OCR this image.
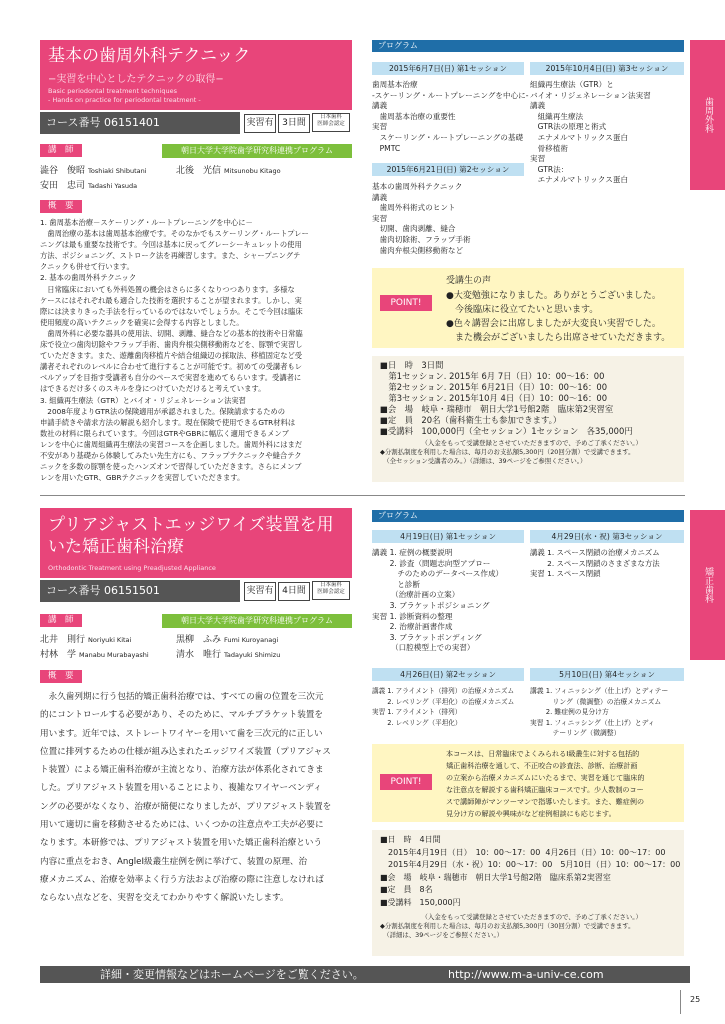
基本の歯周外科テクニック
−実習を中心としたテクニックの取得−
Basic periodontal treatment techniques
- Hands on practice for periodontal treatment -
コース番号 06151401	実習有 3日間
日本歯科
医師会認定
講　師	朝日大学大学院歯学研究科連携プログラム
澁谷　俊昭 Toshiaki Shibutani	北後　光信 Mitsunobu Kitago
安田　忠司 Tadashi Yasuda
概　要
1. 歯周基本治療－スケーリング・ルートプレーニングを中心に－
　歯周治療の基本は歯周基本治療です。そのなかでもスケーリング・ルートプレー
ニングは最も重要な技術です。今回は基本に戻ってグレーシーキュレットの使用
方法、ポジショニング、ストローク法を再練習します。また、シャープニングテ
クニックも併せて行います。
2. 基本の歯周外科テクニック
　日常臨床においても外科処置の機会はさらに多くなりつつあります。多様な
ケースにはそれぞれ最も適合した技術を選択することが望まれます。しかし、実
際には決まりきった手法を行っているのではないでしょうか。そこで今回は臨床
使用頻度の高いテクニックを確実に会得する内容としました。
　歯周外科に必要な器具の使用法、切開、剥離、縫合などの基本的技術や日常臨
床で役立つ歯肉切除やフラップ手術、歯肉弁根尖側移動術などを、豚顎で実習し
ていただきます。また、遊離歯肉移植片や結合組織辺の採取法、移植固定など受
講者それぞれのレベルに合わせて進行することが可能です。初めての受講者もレ
ベルアップを目指す受講者も自分のペースで実習を進めてもらいます。受講者に
はできるだけ多くのスキルを身につけていただけると考えています。
3. 組織再生療法（GTR）とバイオ・リジェネレーション法実習
　2008年度よりGTR法の保険適用が承認されました。保険請求するための
申請手続きや請求方法の解説も紹介します。現在保険で使用できるGTR材料は
数社の材料に限られています。今回はGTRやGBRに幅広く適用できるメンブ
レンを中心に歯周組織再生療法の実習コースを企画しました。歯周外科にはまだ
不安があり基礎から体験してみたい先生方にも、フラップテクニックや縫合テク
ニックを多数の豚顎を使ったハンズオンで習得していただきます。さらにメンブ
レンを用いたGTR、GBRテクニックを実習していただきます。
プログラム
歯周外科
2015年6月7日(日) 第1セッション
歯周基本治療
-スケーリング・ルートプレーニングを中心に-
講義
　歯周基本治療の重要性
実習
　スケーリング・ルートプレーニングの基礎
　PMTC
2015年10月4日(日) 第3セッション
組織再生療法（GTR）と
バイオ・リジェネレーション法実習
講義
　組織再生療法
　GTR法の原理と術式
　エナメルマトリックス蛋白
　骨移植術
実習
　GTR法：
　エナメルマトリックス蛋白
2015年6月21日(日) 第2セッション
基本の歯周外科テクニック
講義
　歯周外科術式のヒント
実習
　切開、歯肉剥離、縫合
　歯肉切除術、フラップ手術
　歯肉弁根尖側移動術など
POINT!
受講生の声
●大変勉強になりました。ありがとうございました。
　今後臨床に役立てたいと思います。
●色々講習会に出席しましたが大変良い実習でした。
　また機会がございましたら出席させていただきます。
■日　時　3日間
　第1セッション. 2015年 6月 7日（日）10：00〜16：00
　第2セッション. 2015年 6月21日（日）10：00〜16：00
　第3セッション. 2015年10月 4日（日）10：00〜16：00
■会　場　岐阜・瑞穂市　朝日大学1号館2階　臨床第2実習室
■定　員　20名（歯科衛生士も参加できます。）
■受講料　100,000円（全セッション）1セッション　各35,000円
　　　　　　　（入金をもって受講登録とさせていただきますので、予めご了承ください。）
◆分割払制度を利用した場合は、毎月のお支払額5,300円（20回分割）で受講できます。
　（全セッション受講者のみ。）（詳細は、39ページをご参照ください。）
プリアジャストエッジワイズ装置を用
いた矯正歯科治療
Orthodontic Treatment using Preadjusted Appliance
コース番号 06151501	実習有 4日間
日本歯科
医師会認定
講　師	朝日大学大学院歯学研究科連携プログラム
北井　則行 Noriyuki Kitai	黒柳　ふみ Fumi Kuroyanagi
村林　学 Manabu Murabayashi	清水　唯行 Tadayuki Shimizu
概　要
　永久歯列期に行う包括的矯正歯科治療では、すべての歯の位置を三次元
的にコントロールする必要があり、そのために、マルチブラケット装置を
用います。近年では、ストレートワイヤーを用いて歯を三次元的に正しい
位置に排列するための仕様が組み込まれたエッジワイズ装置（プリアジャス
ト装置）による矯正歯科治療が主流となり、治療方法が体系化されてきま
した。プリアジャスト装置を用いることにより、複雑なワイヤーベンディ
ングの必要がなくなり、治療が簡便になりましたが、プリアジャスト装置を
用いて適切に歯を移動させるためには、いくつかの注意点や工夫が必要に
なります。本研修では、プリアジャスト装置を用いた矯正歯科治療という
内容に重点をおき、AngleⅠ級叢生症例を例に挙げて、装置の原理、治
療メカニズム、治療を効率よく行う方法および治療の際に注意しなければ
ならない点などを、実習を交えてわかりやすく解説いたします。
プログラム
矯正歯科
4月19日(日) 第1セッション
講義 1. 症例の概要説明
　　 2. 診査（問題志向型アプロー
　　　 チのためのデータベース作成）
　　　 と診断
　　　（治療計画の立案）
　　 3. ブラケットポジショニング
実習 1. 診断資料の整理
　　 2. 治療計画書作成
　　 3. ブラケットボンディング
　　　（口腔模型上での実習）
4月29日(水・祝) 第3セッション
講義 1. スペース閉鎖の治療メカニズム
　　 2. スペース閉鎖のさまざまな方法
実習 1. スペース閉鎖
4月26日(日) 第2セッション
講義 1. アライメント（排列）の治療メカニズム
　　 2. レベリング（平坦化）の治療メカニズム
実習 1. アライメント（排列）
　　 2. レベリング（平坦化）
5月10日(日) 第4セッション
講義 1. フィニッシング（仕上げ）とディテー
　　　 リング（微調整）の治療メカニズム
　　 2. 難症例の見分け方
実習 1. フィニッシング（仕上げ）とディ
　　　 テーリング（微調整）
POINT!
本コースは、日常臨床でよくみられるⅠ級叢生に対する包括的
矯正歯科治療を通して、不正咬合の診査法、診断、治療計画
の立案から治療メカニズムにいたるまで、実習を通じて臨床的
な注意点を解説する歯科矯正臨床コースです。少人数制のコー
スで講師陣がマンツーマンで指導いたします。また、難症例の
見分け方の解説や興味がなど症例相談にも応じます。
■日　時　4日間
　2015年4月19日（日）　10：00〜17：00  4月26日（日）10：00〜17：00
　2015年4月29日（水・祝）10：00〜17：00　5月10日（日）10：00〜17：00
■会　場　岐阜・瑞穂市　朝日大学1号館2階　臨床系第2実習室
■定　員　8名
■受講料　150,000円
　　　　　　　（入金をもって受講登録とさせていただきますので、予めご了承ください。）
◆分割払制度を利用した場合は、毎月のお支払額5,300円（30回分割）で受講できます。
　（詳細は、39ページをご参照ください。）
詳細・変更情報などはホームページをご覧ください。	http://www.m-a-univ-ce.com
25
